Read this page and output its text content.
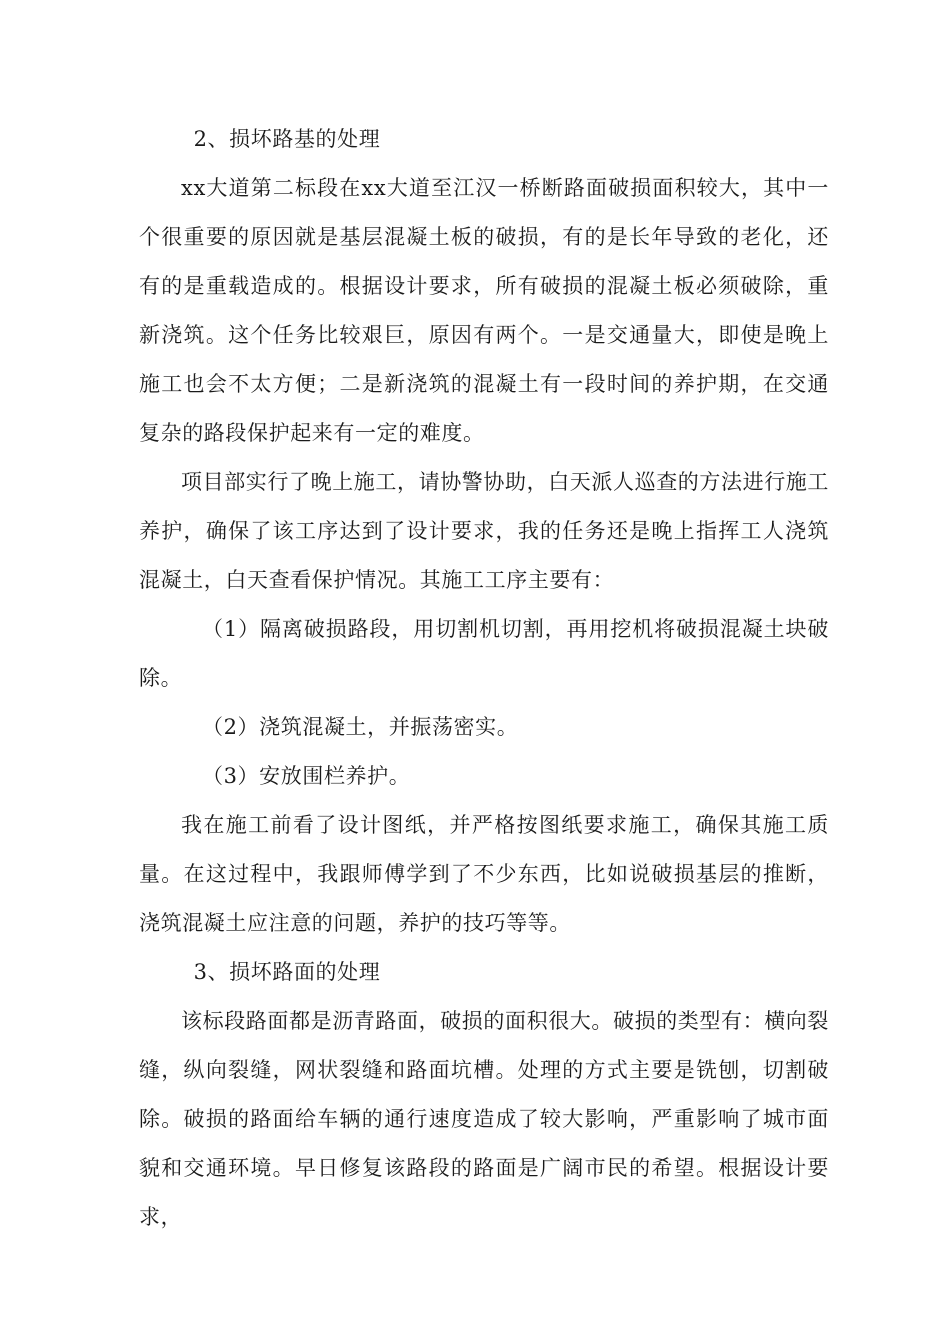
2、损坏路基的处理

xx大道第二标段在xx大道至江汉一桥断路面破损面积较大，其中一个很重要的原因就是基层混凝土板的破损，有的是长年导致的老化，还有的是重载造成的。根据设计要求，所有破损的混凝土板必须破除，重新浇筑。这个任务比较艰巨，原因有两个。一是交通量大，即使是晚上施工也会不太方便；二是新浇筑的混凝土有一段时间的养护期，在交通复杂的路段保护起来有一定的难度。

项目部实行了晚上施工，请协警协助，白天派人巡查的方法进行施工养护，确保了该工序达到了设计要求，我的任务还是晚上指挥工人浇筑混凝土，白天查看保护情况。其施工工序主要有：

（1）隔离破损路段，用切割机切割，再用挖机将破损混凝土块破除。

（2）浇筑混凝土，并振荡密实。

（3）安放围栏养护。

我在施工前看了设计图纸，并严格按图纸要求施工，确保其施工质量。在这过程中，我跟师傅学到了不少东西，比如说破损基层的推断，浇筑混凝土应注意的问题，养护的技巧等等。

3、损坏路面的处理

该标段路面都是沥青路面，破损的面积很大。破损的类型有：横向裂缝，纵向裂缝，网状裂缝和路面坑槽。处理的方式主要是铣刨，切割破除。破损的路面给车辆的通行速度造成了较大影响，严重影响了城市面貌和交通环境。早日修复该路段的路面是广阔市民的希望。根据设计要求，
